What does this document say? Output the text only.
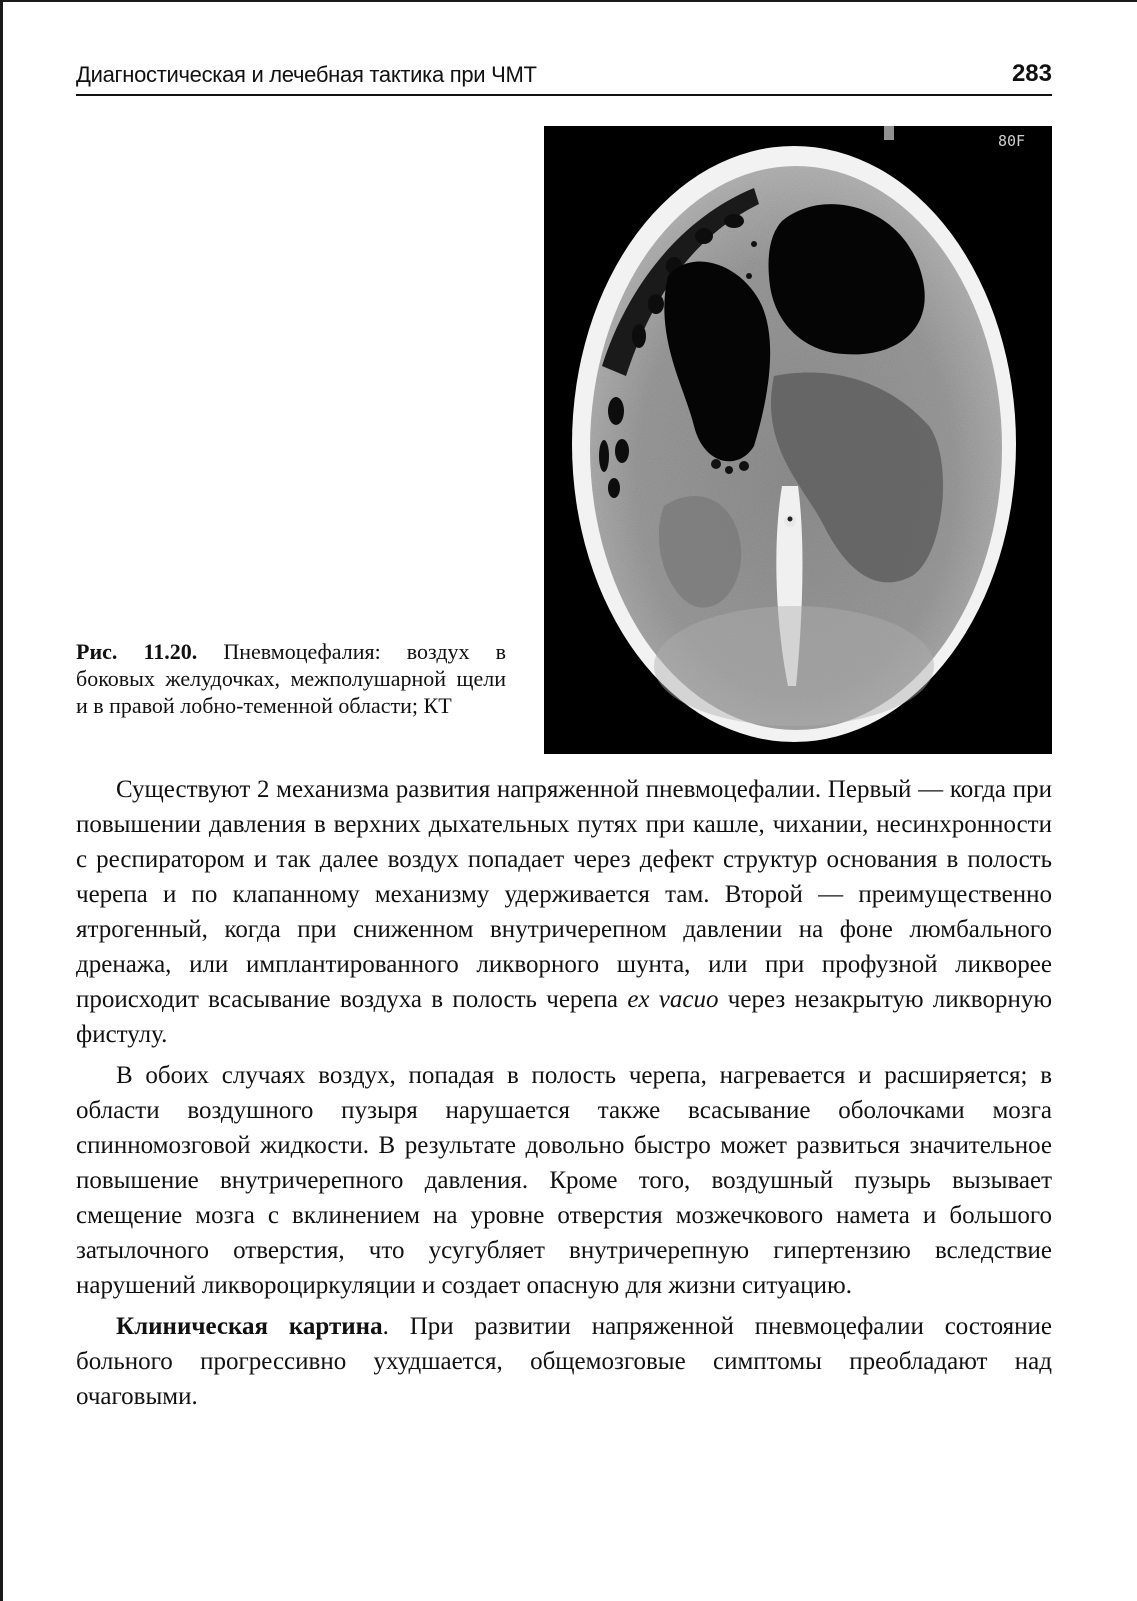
Диагностическая и лечебная тактика при ЧМТ	283
80F
Рис. 11.20. Пневмоцефалия: воздух в боковых желудочках, межполушарной щели и в правой лобно-теменной области; КТ

Существуют 2 механизма развития напряженной пневмоцефалии. Первый — когда при повышении давления в верхних дыхательных путях при кашле, чихании, несинхронности с респиратором и так далее воздух попадает через дефект структур основания в полость черепа и по клапанному механизму удерживается там. Второй — преимущественно ятрогенный, когда при сниженном внутричерепном давлении на фоне люмбального дренажа, или имплантированного ликворного шунта, или при профузной ликворее происходит всасывание воздуха в полость черепа ex vacuo через незакрытую ликворную фистулу.

В обоих случаях воздух, попадая в полость черепа, нагревается и расширяется; в области воздушного пузыря нарушается также всасывание оболочками мозга спинномозговой жидкости. В результате довольно быстро может развиться значительное повышение внутричерепного давления. Кроме того, воздушный пузырь вызывает смещение мозга с вклинением на уровне отверстия мозжечкового намета и большого затылочного отверстия, что усугубляет внутричерепную гипертензию вследствие нарушений ликвороциркуляции и создает опасную для жизни ситуацию.

Клиническая картина. При развитии напряженной пневмоцефалии состояние больного прогрессивно ухудшается, общемозговые симптомы преобладают над очаговыми.
